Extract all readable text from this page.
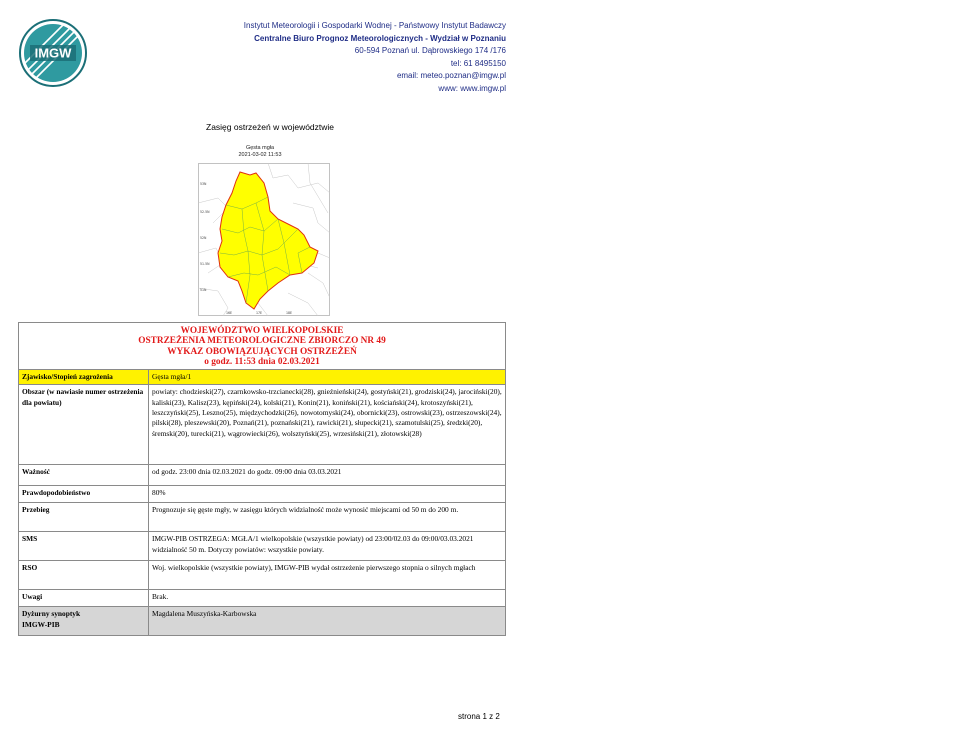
IMGW
Instytut Meteorologii i Gospodarki Wodnej - Państwowy Instytut Badawczy
Centralne Biuro Prognoz Meteorologicznych - Wydział w Poznaniu
60-594 Poznań ul. Dąbrowskiego 174 /176
tel: 61 8495150
email: meteo.poznan@imgw.pl
www: www.imgw.pl
Zasięg ostrzeżeń w województwie
Gęsta mgła
2021-03-02 11:53
53N
52.5N
52N
51.5N
51N
16E	17E	18E
WOJEWÓDZTWO WIELKOPOLSKIE
OSTRZEŻENIA METEOROLOGICZNE ZBIORCZO NR 49
WYKAZ OBOWIĄZUJĄCYCH OSTRZEŻEŃ
o godz. 11:53 dnia 02.03.2021	

Zjawisko/Stopień zagrożenia	Gęsta mgła/1
Obszar (w nawiasie numer ostrzeżenia dla powiatu)	powiaty: chodzieski(27), czarnkowsko-trzcianecki(28), gnieźnieński(24), gostyński(21), grodziski(24), jarociński(20), kaliski(23), Kalisz(23), kępiński(24), kolski(21), Konin(21), koniński(21), kościański(24), krotoszyński(21), leszczyński(25), Leszno(25), międzychodzki(26), nowotomyski(24), obornicki(23), ostrowski(23), ostrzeszowski(24), pilski(28), pleszewski(20), Poznań(21), poznański(21), rawicki(21), słupecki(21), szamotulski(25), średzki(20), śremski(20), turecki(21), wągrowiecki(26), wolsztyński(25), wrzesiński(21), złotowski(28)
Ważność	od godz. 23:00 dnia 02.03.2021 do godz. 09:00 dnia 03.03.2021
Prawdopodobieństwo	80%
Przebieg	Prognozuje się gęste mgły, w zasięgu których widzialność może wynosić miejscami od 50 m do 200 m.
SMS	IMGW-PIB OSTRZEGA: MGŁA/1 wielkopolskie (wszystkie powiaty) od 23:00/02.03 do 09:00/03.03.2021 widzialność 50 m. Dotyczy powiatów: wszystkie powiaty.
RSO	Woj. wielkopolskie (wszystkie powiaty), IMGW-PIB wydał ostrzeżenie pierwszego stopnia o silnych mgłach
Uwagi	Brak.

Dyżurny synoptyk
IMGW-PIB	Magdalena Muszyńska-Karbowska
strona 1 z 2
